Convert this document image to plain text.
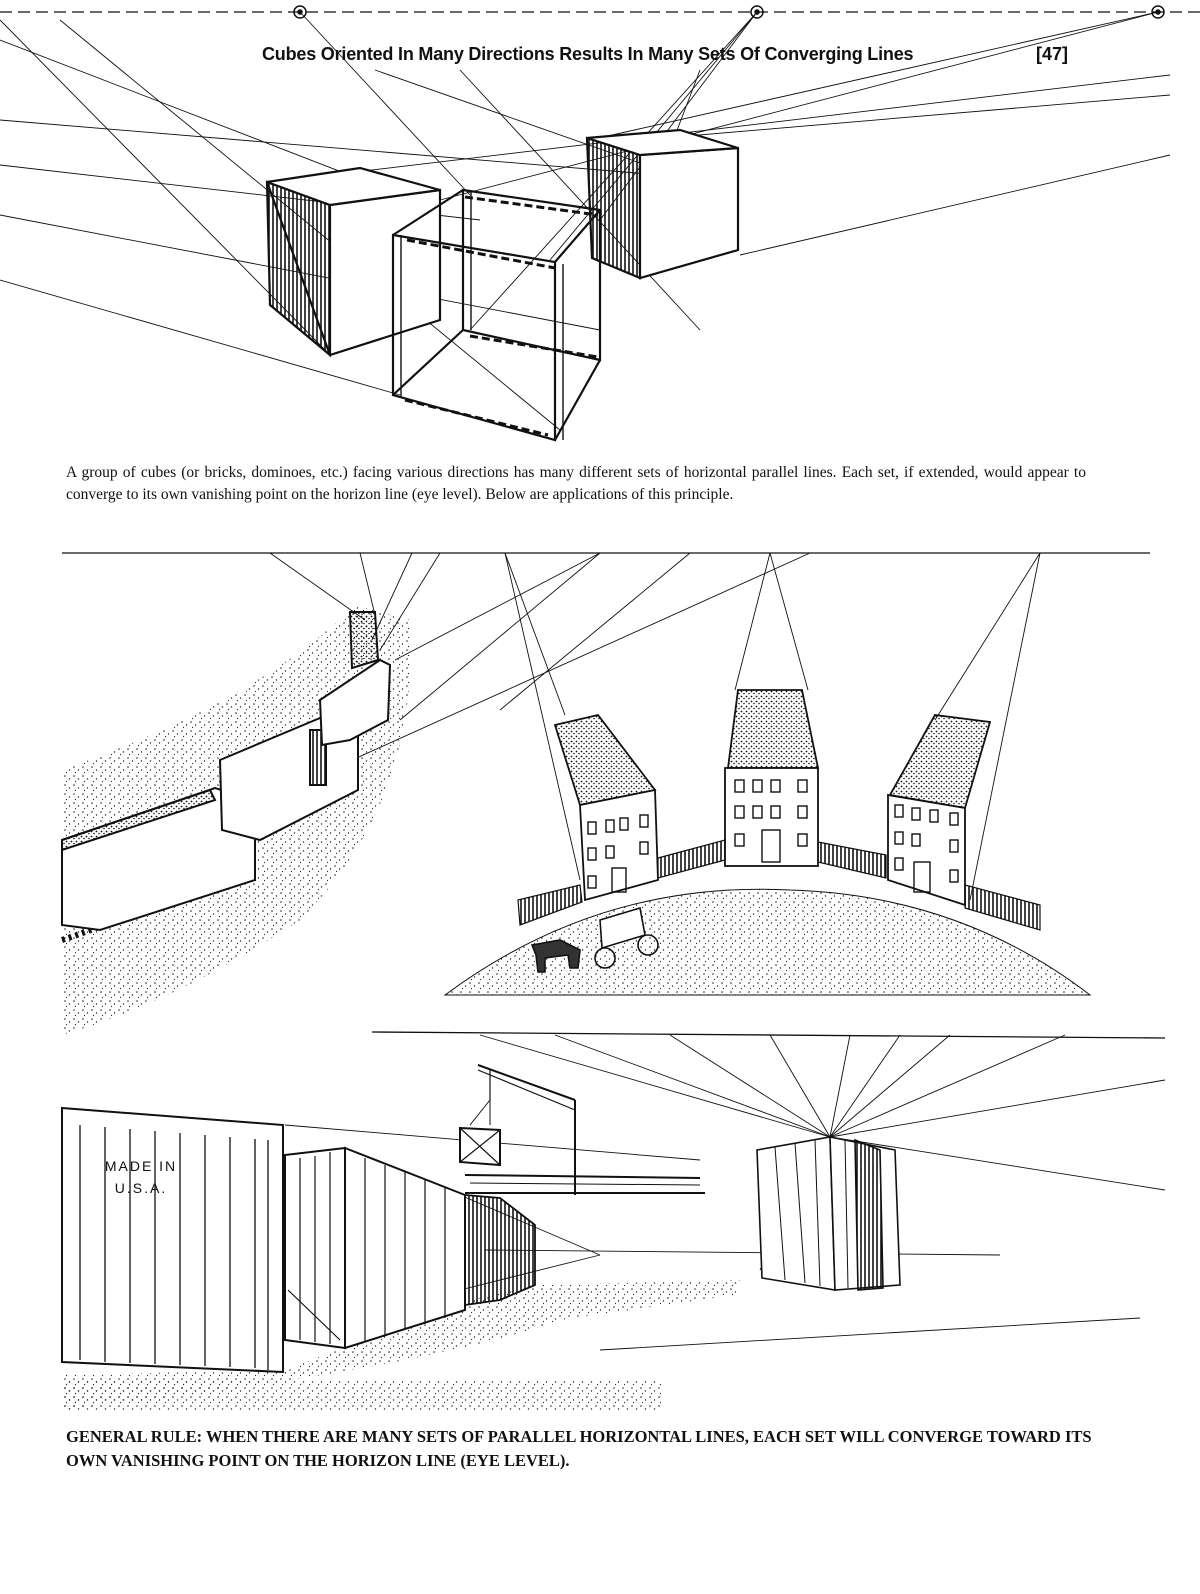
Cubes Oriented In Many Directions Results In Many Sets Of Converging Lines	[47]
A group of cubes (or bricks, dominoes, etc.) facing various directions has many different sets of horizontal parallel lines. Each set, if extended, would appear to converge to its own vanishing point on the horizon line (eye level). Below are applications of this principle.
MADE IN U.S.A.
GENERAL RULE: WHEN THERE ARE MANY SETS OF PARALLEL HORIZONTAL LINES, EACH SET WILL CONVERGE TOWARD ITS OWN VANISHING POINT ON THE HORIZON LINE (EYE LEVEL).
